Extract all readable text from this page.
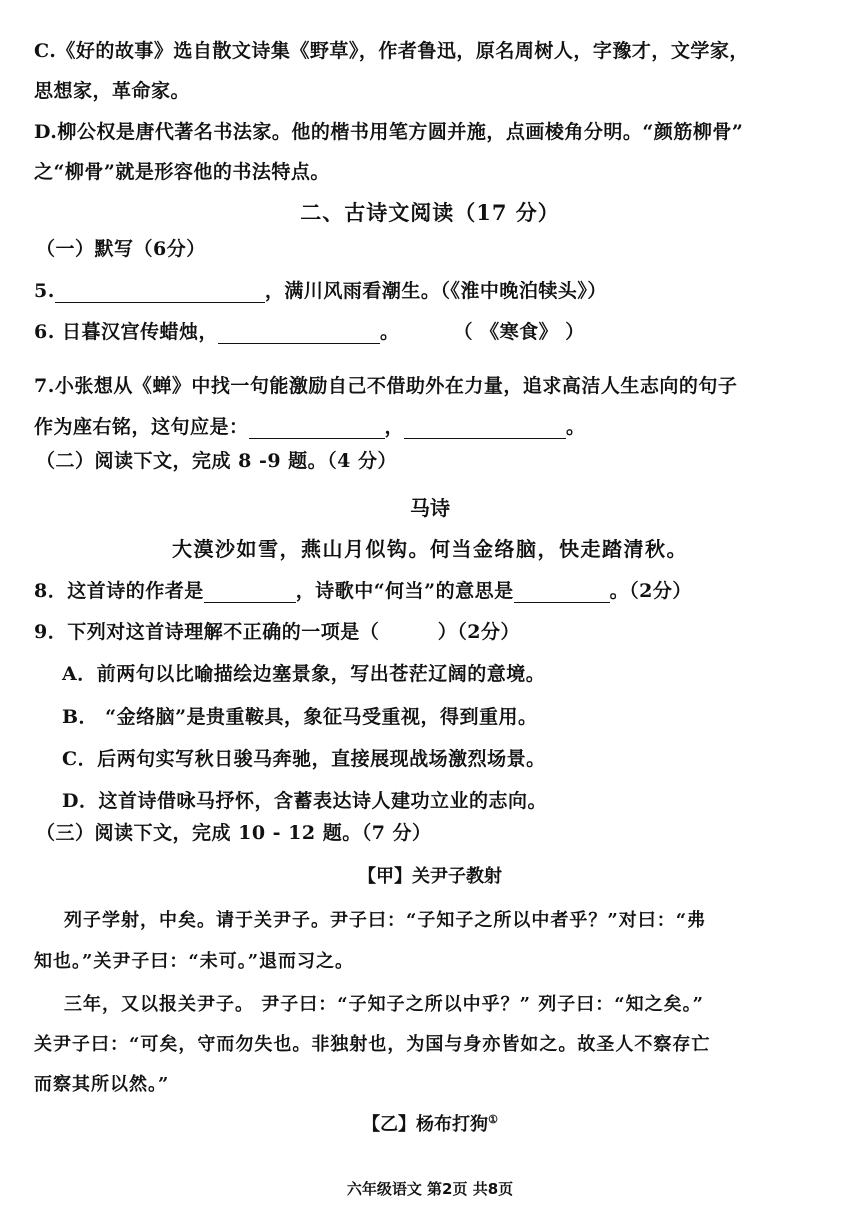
C.《好的故事》选自散文诗集《野草》，作者鲁迅，原名周树人，字豫才，文学家，
思想家，革命家。
D.柳公权是唐代著名书法家。他的楷书用笔方圆并施，点画棱角分明。“颜筋柳骨”
之“柳骨”就是形容他的书法特点。
二、古诗文阅读（17 分）
（一）默写（6分）
5.	，满川风雨看潮生。（《淮中晚泊犊头》）
6. 日暮汉宫传蜡烛，	。	（ 《寒食》 ）
7.小张想从《蝉》中找一句能激励自己不借助外在力量，追求高洁人生志向的句子
作为座右铭，这句应是：	，	。
（二）阅读下文，完成 8 -9 题。（4 分）
马诗
大漠沙如雪，燕山月似钩。何当金络脑，快走踏清秋。
8．这首诗的作者是	，诗歌中“何当”的意思是	。（2分）
9．下列对这首诗理解不正确的一项是（　　　）（2分）
A．前两句以比喻描绘边塞景象，写出苍茫辽阔的意境。
B． “金络脑”是贵重鞍具，象征马受重视，得到重用。
C．后两句实写秋日骏马奔驰，直接展现战场激烈场景。
D．这首诗借咏马抒怀，含蓄表达诗人建功立业的志向。
（三）阅读下文，完成 10 - 12 题。（7 分）
【甲】关尹子教射
列子学射，中矣。请于关尹子。尹子曰：“子知子之所以中者乎？”对曰：“弗
知也。”关尹子曰：“未可。”退而习之。
三年，又以报关尹子。 尹子曰：“子知子之所以中乎？” 列子曰：“知之矣。”
关尹子曰：“可矣，守而勿失也。非独射也，为国与身亦皆如之。故圣人不察存亡
而察其所以然。”
【乙】杨布打狗①
六年级语文 第2页 共8页
